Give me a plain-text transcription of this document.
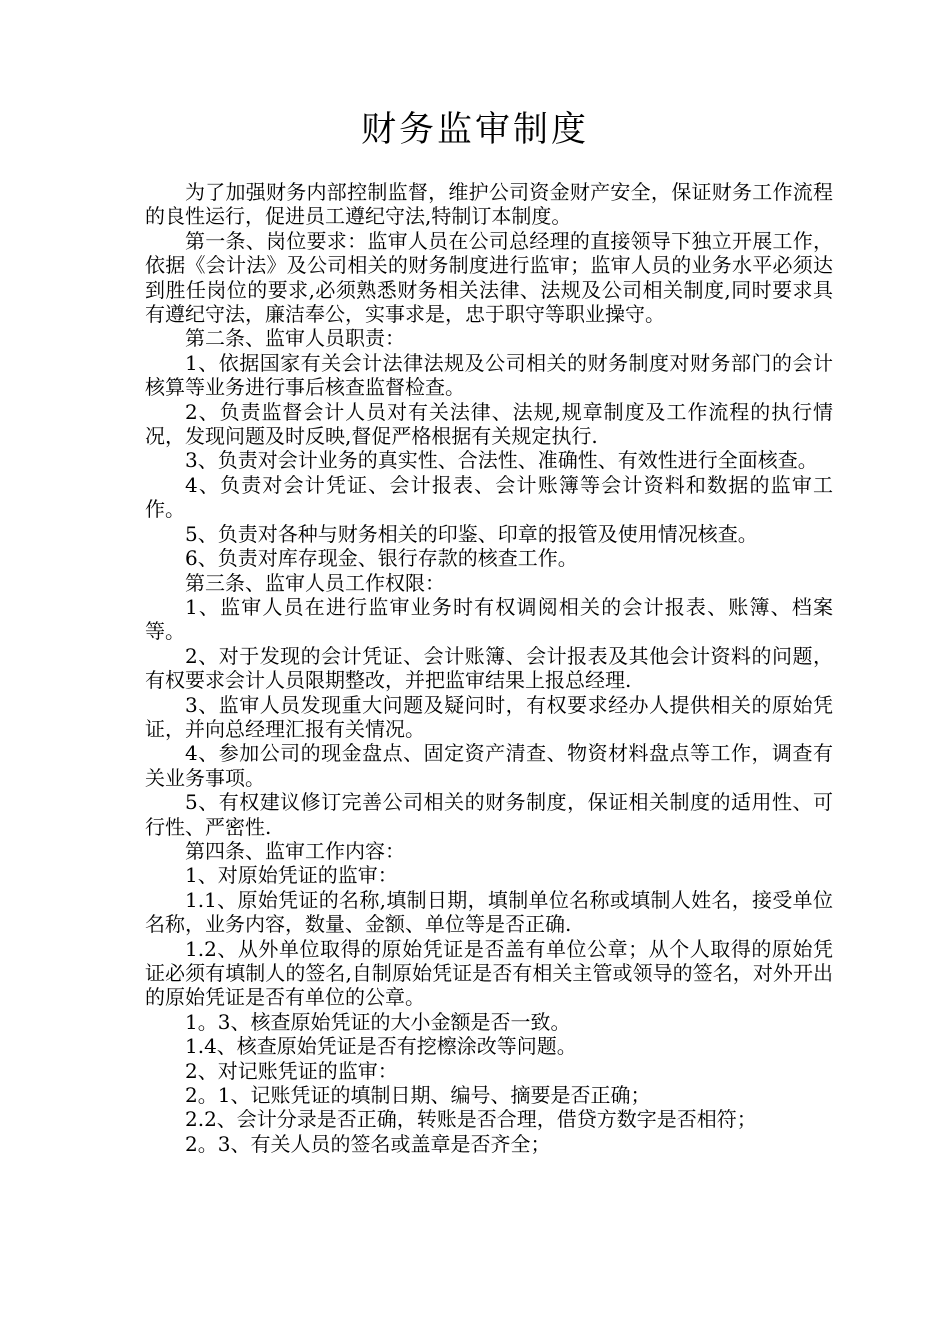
财务监审制度

为了加强财务内部控制监督，维护公司资金财产安全，保证财务工作流程的良性运行，促进员工遵纪守法,特制订本制度。

第一条、岗位要求：监审人员在公司总经理的直接领导下独立开展工作，依据《会计法》及公司相关的财务制度进行监审；监审人员的业务水平必须达到胜任岗位的要求,必须熟悉财务相关法律、法规及公司相关制度,同时要求具有遵纪守法，廉洁奉公，实事求是，忠于职守等职业操守。

第二条、监审人员职责：

1、依据国家有关会计法律法规及公司相关的财务制度对财务部门的会计核算等业务进行事后核查监督检查。

2、负责监督会计人员对有关法律、法规,规章制度及工作流程的执行情况，发现问题及时反映,督促严格根据有关规定执行.

3、负责对会计业务的真实性、合法性、准确性、有效性进行全面核查。

4、负责对会计凭证、会计报表、会计账簿等会计资料和数据的监审工作。

5、负责对各种与财务相关的印鉴、印章的报管及使用情况核查。

6、负责对库存现金、银行存款的核查工作。

第三条、监审人员工作权限：

1、监审人员在进行监审业务时有权调阅相关的会计报表、账簿、档案等。

2、对于发现的会计凭证、会计账簿、会计报表及其他会计资料的问题，有权要求会计人员限期整改，并把监审结果上报总经理.

3、监审人员发现重大问题及疑问时，有权要求经办人提供相关的原始凭证，并向总经理汇报有关情况。

4、参加公司的现金盘点、固定资产清查、物资材料盘点等工作，调查有关业务事项。

5、有权建议修订完善公司相关的财务制度，保证相关制度的适用性、可行性、严密性.

第四条、监审工作内容：

1、对原始凭证的监审：

1.1、原始凭证的名称,填制日期，填制单位名称或填制人姓名，接受单位名称，业务内容，数量、金额、单位等是否正确.

1.2、从外单位取得的原始凭证是否盖有单位公章；从个人取得的原始凭证必须有填制人的签名,自制原始凭证是否有相关主管或领导的签名，对外开出的原始凭证是否有单位的公章。

1。3、核查原始凭证的大小金额是否一致。

1.4、核查原始凭证是否有挖檫涂改等问题。

2、对记账凭证的监审：

2。1、记账凭证的填制日期、编号、摘要是否正确；

2.2、会计分录是否正确，转账是否合理，借贷方数字是否相符；

2。3、有关人员的签名或盖章是否齐全；
